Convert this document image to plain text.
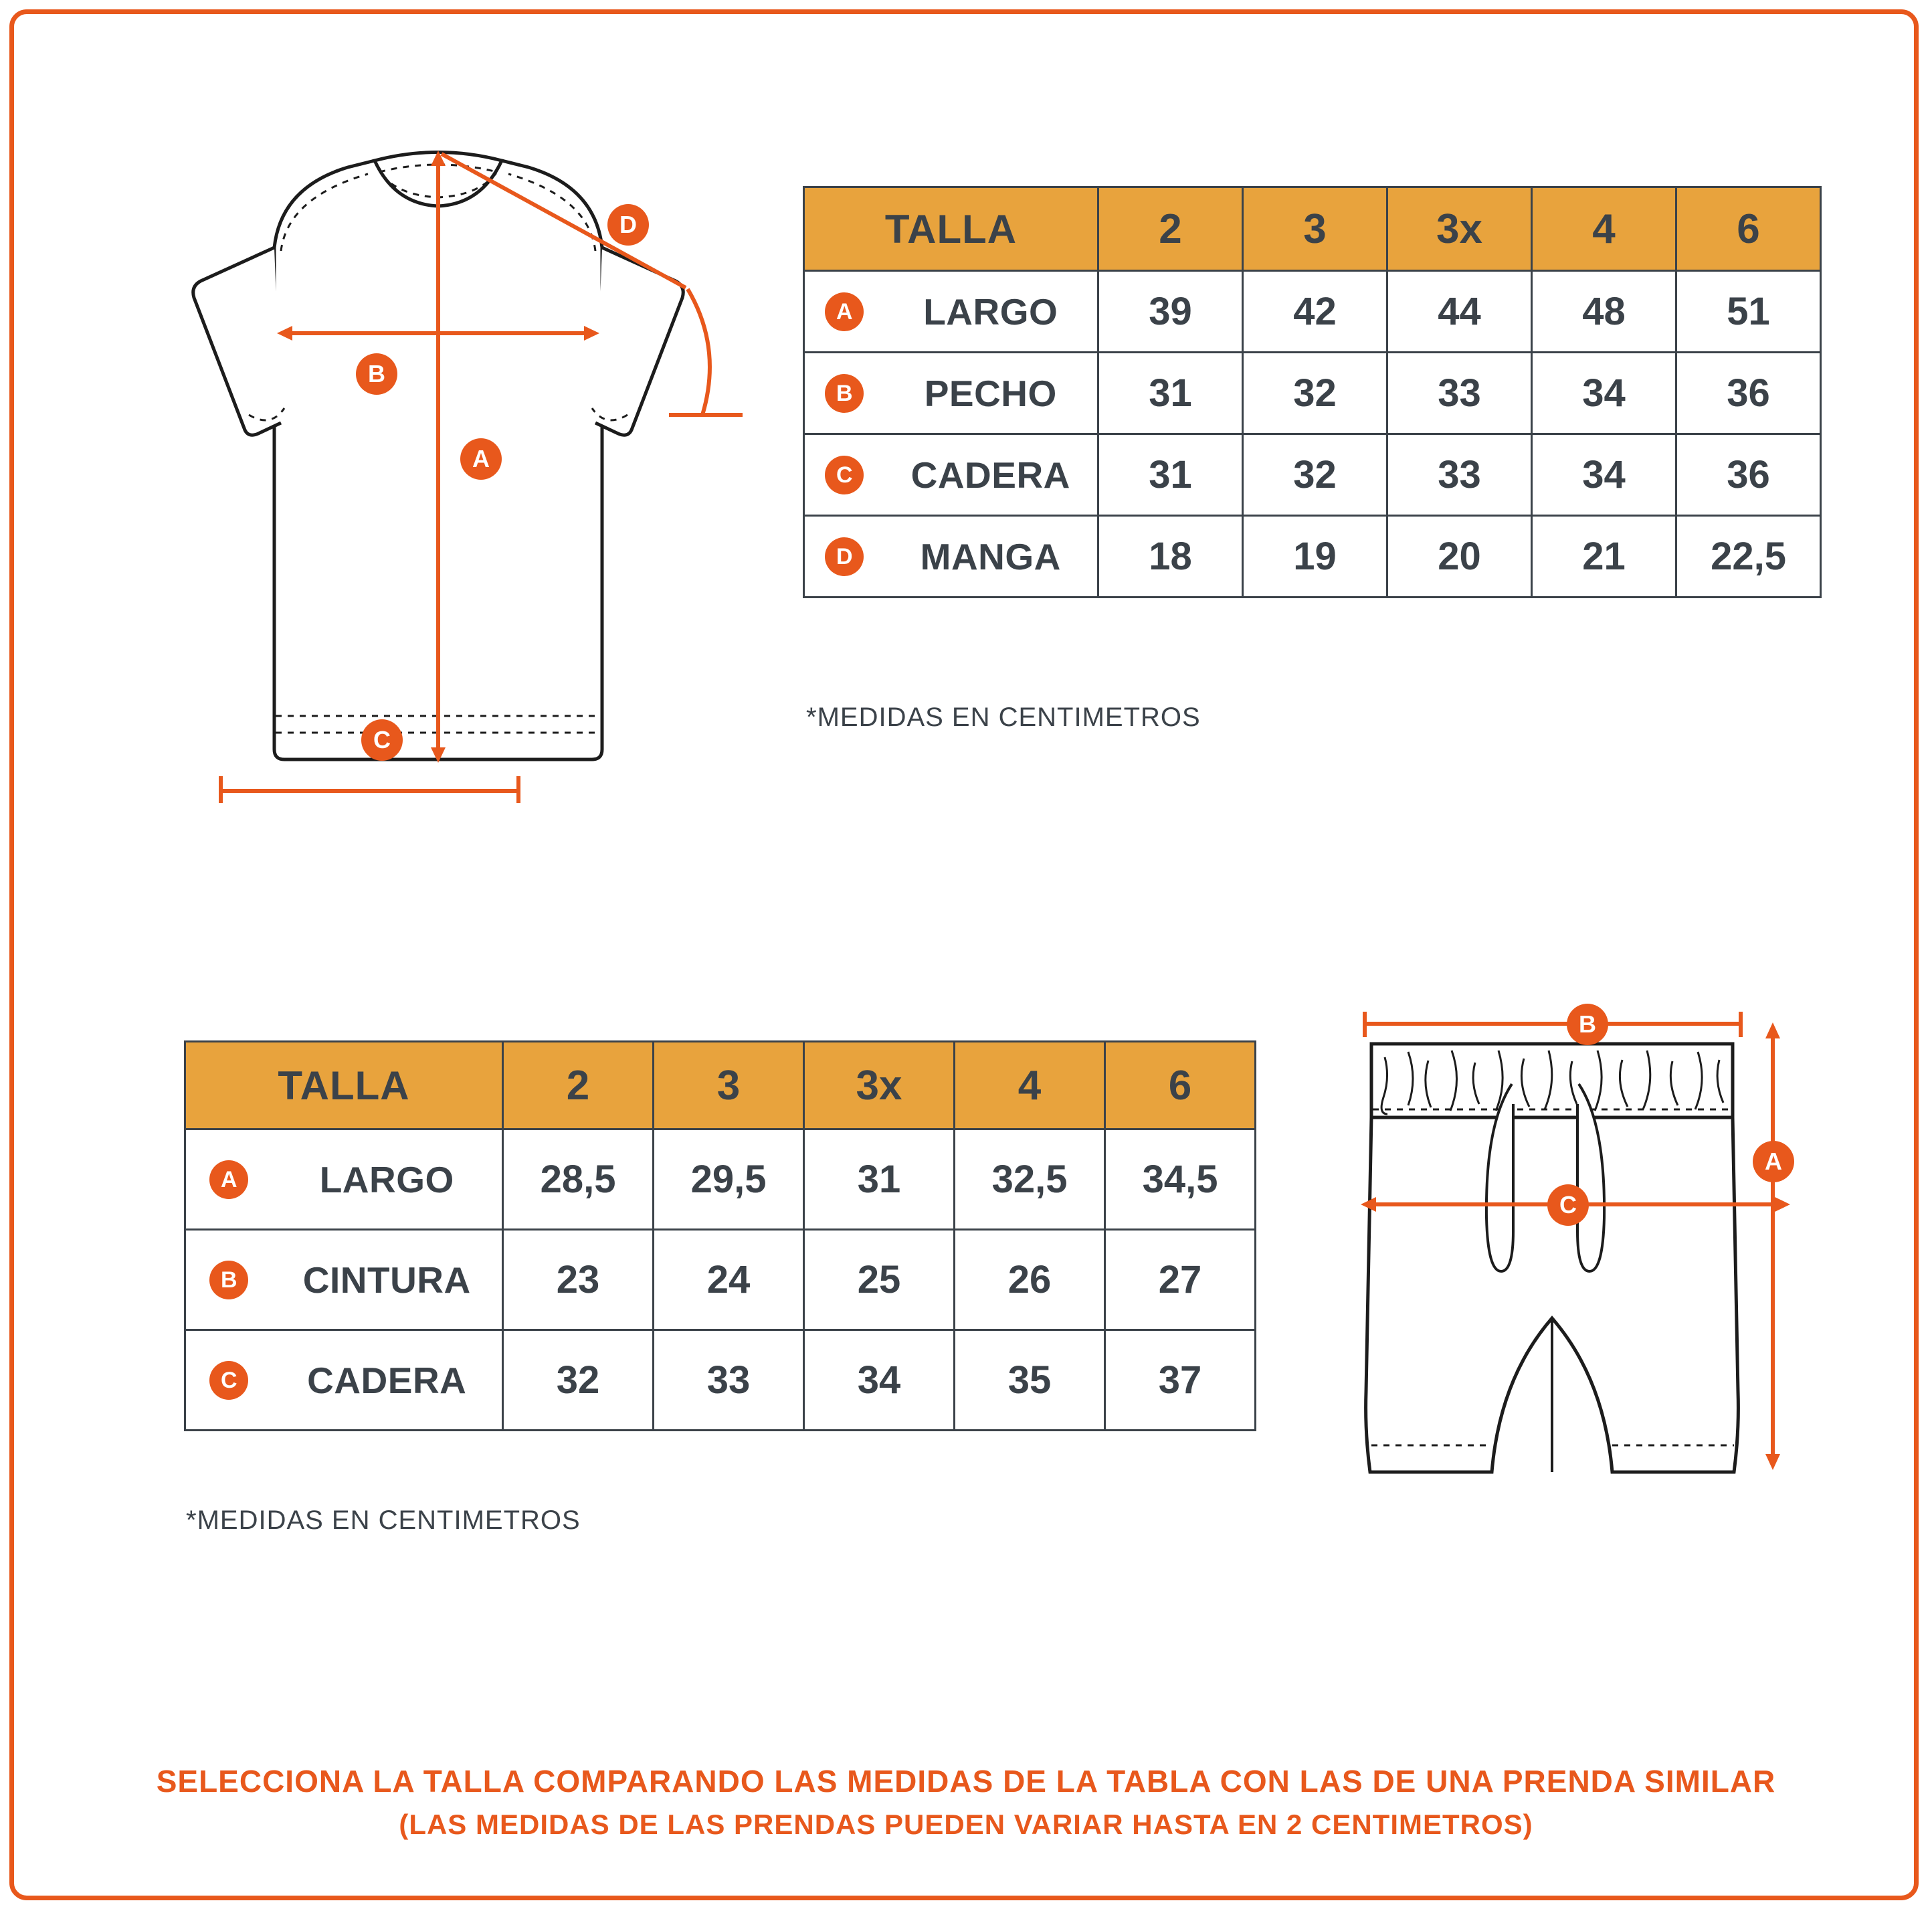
A
B
C
D	TALLA		2	3	3x	4	6
A	LARGO	39	42	44	48	51
B	PECHO	31	32	33	34	36
C	CADERA	31	32	33	34	36
D	MANGA	18	19	20	21	22,5
*MEDIDAS EN CENTIMETROS
TALLA		2	3	3x	4	6
A	LARGO	28,5	29,5	31	32,5	34,5
B	CINTURA	23	24	25	26	27
C	CADERA	32	33	34	35	37
*MEDIDAS EN CENTIMETROS
B
A
C
SELECCIONA LA TALLA COMPARANDO LAS MEDIDAS DE LA TABLA CON LAS DE UNA PRENDA SIMILAR
(LAS MEDIDAS DE LAS PRENDAS PUEDEN VARIAR HASTA EN 2 CENTIMETROS)
